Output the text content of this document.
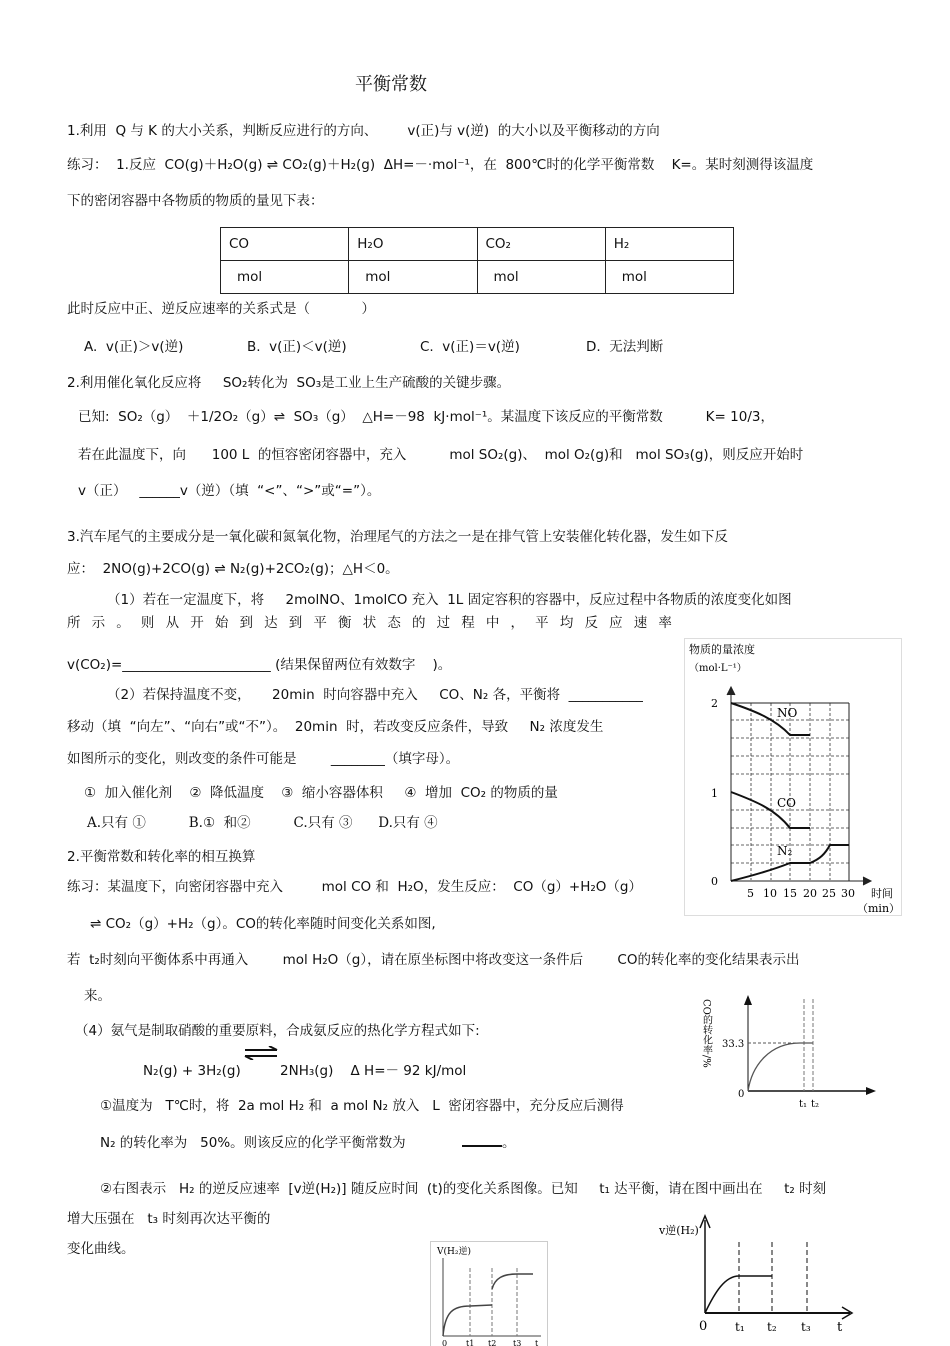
平衡常数
1.利用  Q 与 K 的大小关系，判断反应进行的方向、       v(正)与 v(逆)  的大小以及平衡移动的方向
练习：  1.反应  CO(g)＋H₂O(g) ⇌ CO₂(g)＋H₂(g)  ΔH=－·mol⁻¹，在  800℃时的化学平衡常数    K=。某时刻测得该温度
下的密闭容器中各物质的物质的量见下表：
CO	H₂O	CO₂	H₂
mol	mol	mol	mol
此时反应中正、逆反应速率的关系式是（            ）
A.  v(正)＞v(逆)	B.  v(正)＜v(逆)	C.  v(正)＝v(逆)	D.  无法判断
2.利用催化氧化反应将     SO₂转化为  SO₃是工业上生产硫酸的关键步骤。
已知:  SO₂（g）  ＋1/2O₂（g）⇌  SO₃（g）  △H=－98  kJ·mol⁻¹。某温度下该反应的平衡常数          K= 10/3，
若在此温度下，向      100 L  的恒容密闭容器中，充入          mol SO₂(g)、  mol O₂(g)和   mol SO₃(g)，则反应开始时
v（正）   ______v（逆）（填  “<”、“>”或“=”）。
3.汽车尾气的主要成分是一氧化碳和氮氧化物，治理尾气的方法之一是在排气管上安装催化转化器，发生如下反
应：  2NO(g)+2CO(g) ⇌ N₂(g)+2CO₂(g)；△H＜0。
（1）若在一定温度下，将     2molNO、1molCO 充入  1L 固定容积的容器中，反应过程中各物质的浓度变化如图
所 示 。 则 从 开 始 到 达 到 平 衡 状 态 的 过 程 中 ， 平 均 反 应 速 率
v(CO₂)=______________________ (结果保留两位有效数字    )。
（2）若保持温度不变，     20min  时向容器中充入     CO、N₂ 各，平衡将  ___________
移动（填  “向左”、“向右”或“不”）。  20min  时，若改变反应条件，导致     N₂ 浓度发生
如图所示的变化，则改变的条件可能是        ________（填字母）。
①  加入催化剂    ②  降低温度    ③  缩小容器体积     ④  增加  CO₂ 的物质的量
A.只有 ①          B.①  和②          C.只有 ③      D.只有 ④
物质的量浓度
（mol·L⁻¹）
NO
CO
N₂
2
1
0
5 10 15 20 25 30 时间
（min）
2.平衡常数和转化率的相互换算
练习：某温度下，向密闭容器中充入         mol CO 和  H₂O，发生反应：  CO（g）+H₂O（g）
⇌ CO₂（g）+H₂（g）。CO的转化率随时间变化关系如图,
若  t₂时刻向平衡体系中再通入        mol H₂O（g），请在原坐标图中将改变这一条件后        CO的转化率的变化结果表示出
来。
CO的转化率/% 33.3
0
t₁ t₂
（4）氨气是制取硝酸的重要原料，合成氨反应的热化学方程式如下:
N₂(g) + 3H₂(g)	2NH₃(g)    Δ H=－ 92 kJ/mol
①温度为   T℃时，将  2a mol H₂ 和  a mol N₂ 放入   L  密闭容器中，充分反应后测得
N₂ 的转化率为   50%。则该反应的化学平衡常数为	。
②右图表示   H₂ 的逆反应速率  [v逆(H₂)] 随反应时间  (t)的变化关系图像。已知     t₁ 达平衡，请在图中画出在     t₂ 时刻
增大压强在   t₃ 时刻再次达平衡的
变化曲线。	V(H₂逆)
0 t1 t2 t3 t
v逆(H₂)
0 t₁ t₂ t₃ t
